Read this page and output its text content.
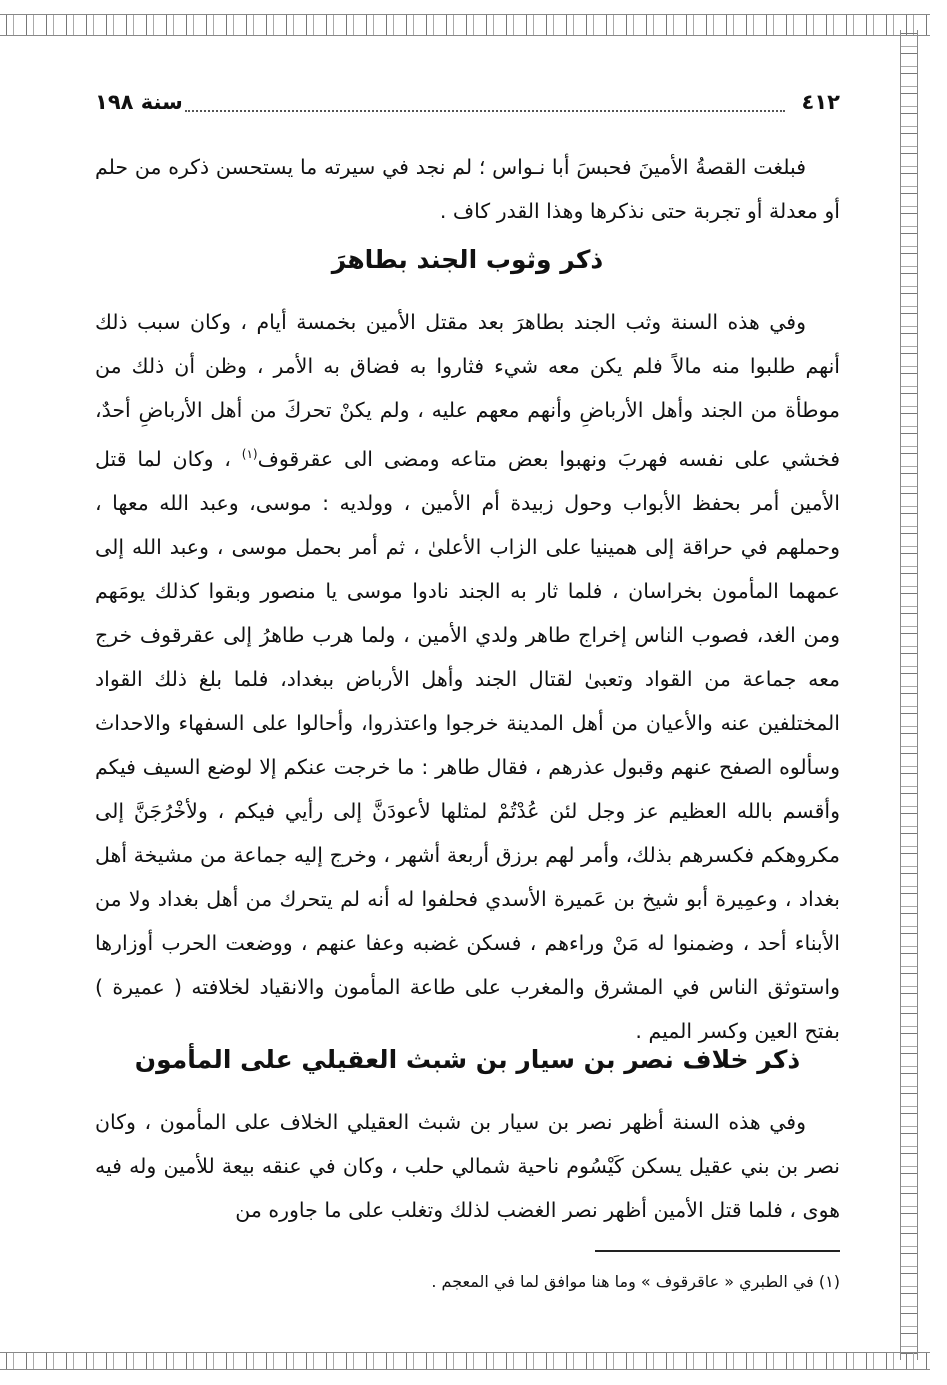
٤١٢
سنة ١٩٨
فبلغت القصةُ الأمينَ فحبسَ أبا نـواس ؛ لم نجد في سيرته ما يستحسن ذكره من حلم أو معدلة أو تجربة حتى نذكرها وهذا القدر كاف .
ذكر وثوب الجند بطاهرَ
وفي هذه السنة وثب الجند بطاهرَ بعد مقتل الأمين بخمسة أيام ، وكان سبب ذلك أنهم طلبوا منه مالاً فلم يكن معه شيء فثاروا به فضاق به الأمر ، وظن أن ذلك من موطأة من الجند وأهل الأرباضِ وأنهم معهم عليه ، ولم يكنْ تحركَ من أهل الأرباضِ أحدٌ، فخشي على نفسه فهربَ ونهبوا بعض متاعه ومضى الى عقرقوف$^{(١)}$ ، وكان لما قتل الأمين أمر بحفظ الأبواب وحول زبيدة أم الأمين ، وولديه : موسى، وعبد الله معها ، وحملهم في حراقة إلى همينيا على الزاب الأعلىٰ ، ثم أمر بحمل موسى ، وعبد الله إلى عمهما المأمون بخراسان ، فلما ثار به الجند نادوا موسى يا منصور وبقوا كذلك يومَهم ومن الغد، فصوب الناس إخراج طاهر ولدي الأمين ، ولما هرب طاهرُ إلى عقرقوف خرج معه جماعة من القواد وتعبىٰ لقتال الجند وأهل الأرباض ببغداد، فلما بلغ ذلك القواد المختلفين عنه والأعيان من أهل المدينة خرجوا واعتذروا، وأحالوا على السفهاء والاحداث وسألوه الصفح عنهم وقبول عذرهم ، فقال طاهر : ما خرجت عنكم إلا لوضع السيف فيكم وأقسم بالله العظيم عز وجل لئن عُدْتُمْ لمثلها لأعودَنَّ إلى رأيي فيكم ، ولأخْرُجَنَّ إلى مكروهكم فكسرهم بذلك، وأمر لهم برزق أربعة أشهر ، وخرج إليه جماعة من مشيخة أهل بغداد ، وعمِيرة أبو شيخ بن عَميرة الأسدي فحلفوا له أنه لم يتحرك من أهل بغداد ولا من الأبناء أحد ، وضمنوا له مَنْ وراءهم ، فسكن غضبه وعفا عنهم ، ووضعت الحرب أوزارها واستوثق الناس في المشرق والمغرب على طاعة المأمون والانقياد لخلافته ( عميرة ) بفتح العين وكسر الميم .
ذكر خلاف نصر بن سيار بن شبث العقيلي على المأمون
وفي هذه السنة أظهر نصر بن سيار بن شبث العقيلي الخلاف على المأمون ، وكان نصر بن بني عقيل يسكن كَيْسُوم ناحية شمالي حلب ، وكان في عنقه بيعة للأمين وله فيه هوى ، فلما قتل الأمين أظهر نصر الغضب لذلك وتغلب على ما جاوره من
(١) في الطبري « عاقرقوف » وما هنا موافق لما في المعجم .
